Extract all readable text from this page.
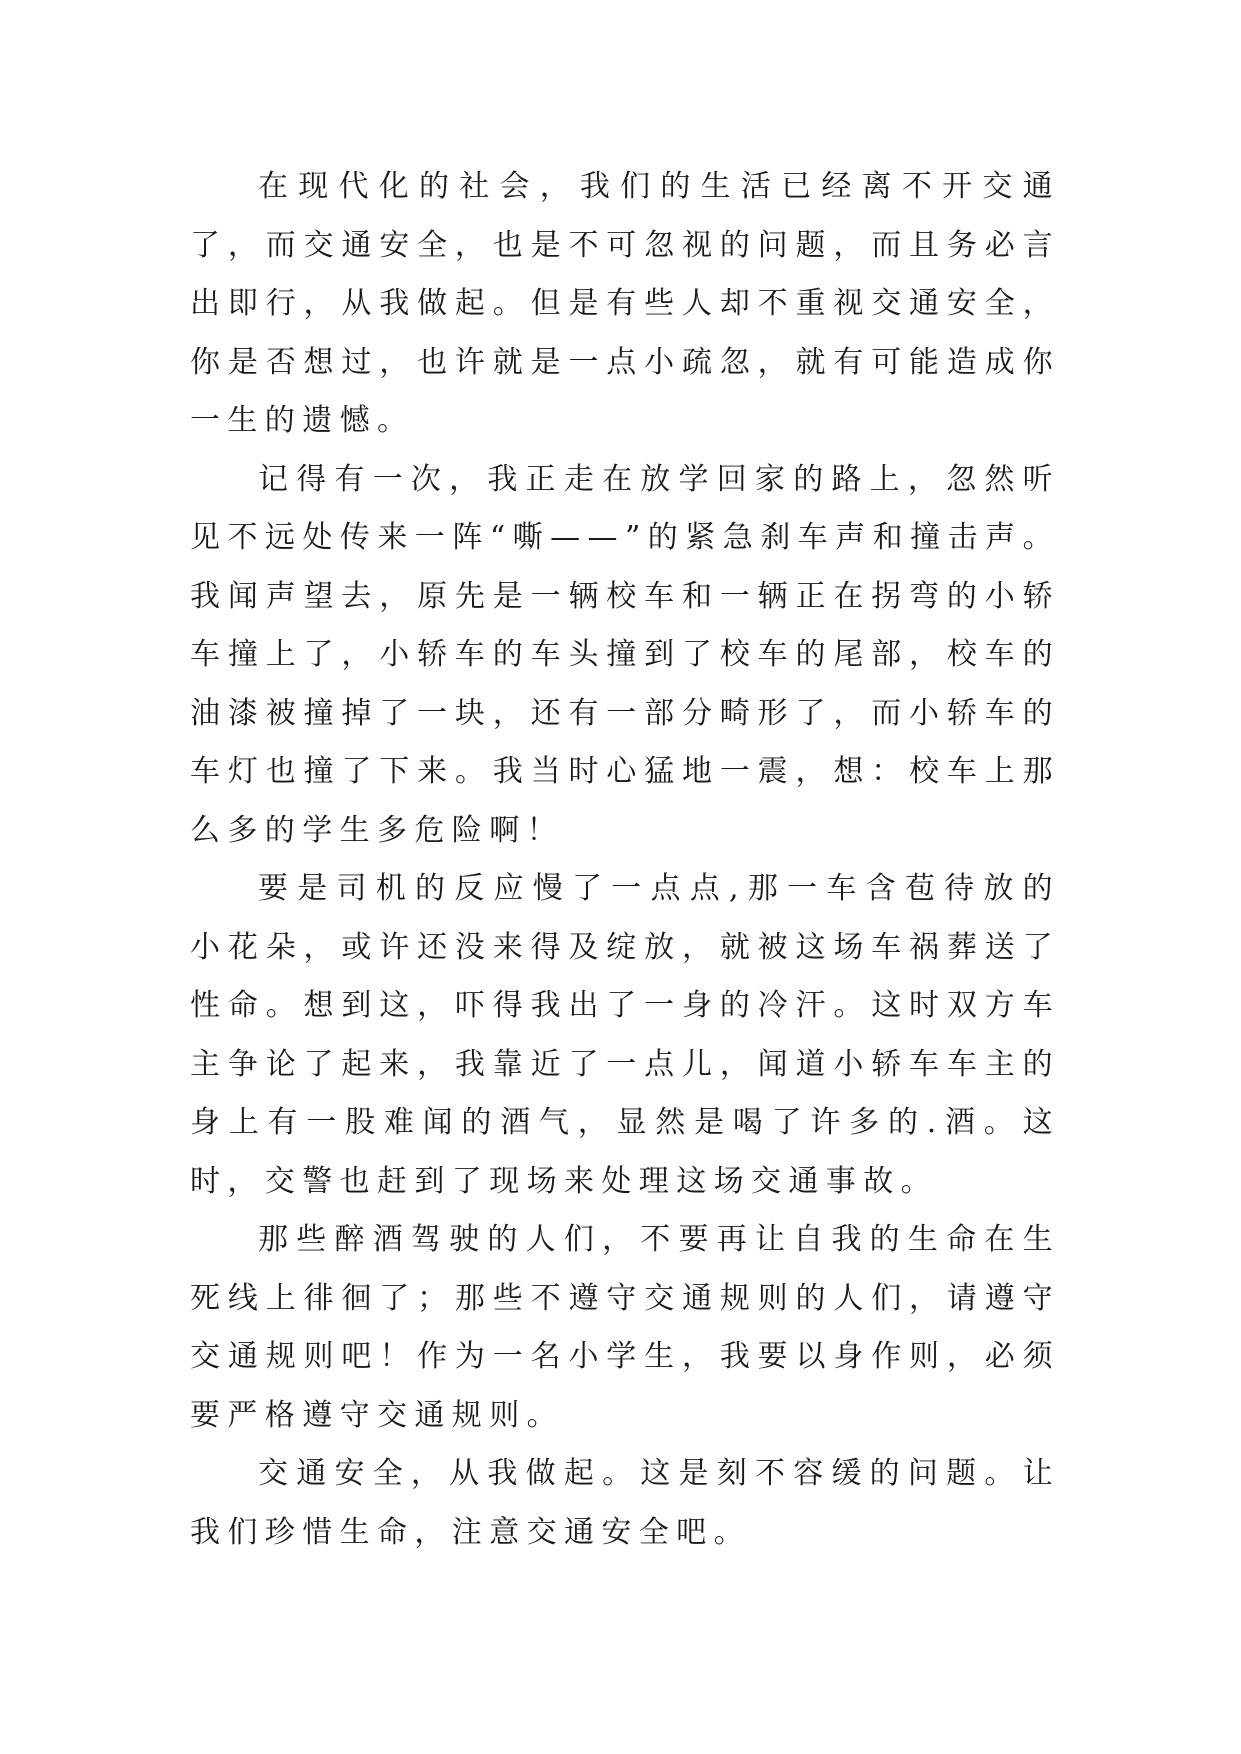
在现代化的社会，我们的生活已经离不开交通了，而交通安全，也是不可忽视的问题，而且务必言出即行，从我做起。但是有些人却不重视交通安全，你是否想过，也许就是一点小疏忽，就有可能造成你一生的遗憾。

记得有一次，我正走在放学回家的路上，忽然听见不远处传来一阵“嘶——”的紧急刹车声和撞击声。我闻声望去，原先是一辆校车和一辆正在拐弯的小轿车撞上了，小轿车的车头撞到了校车的尾部，校车的油漆被撞掉了一块，还有一部分畸形了，而小轿车的车灯也撞了下来。我当时心猛地一震，想：校车上那么多的学生多危险啊！

要是司机的反应慢了一点点,那一车含苞待放的小花朵，或许还没来得及绽放，就被这场车祸葬送了性命。想到这，吓得我出了一身的冷汗。这时双方车主争论了起来，我靠近了一点儿，闻道小轿车车主的身上有一股难闻的酒气，显然是喝了许多的.酒。这时，交警也赶到了现场来处理这场交通事故。

那些醉酒驾驶的人们，不要再让自我的生命在生死线上徘徊了；那些不遵守交通规则的人们，请遵守交通规则吧！作为一名小学生，我要以身作则，必须要严格遵守交通规则。

交通安全，从我做起。这是刻不容缓的问题。让我们珍惜生命，注意交通安全吧。
